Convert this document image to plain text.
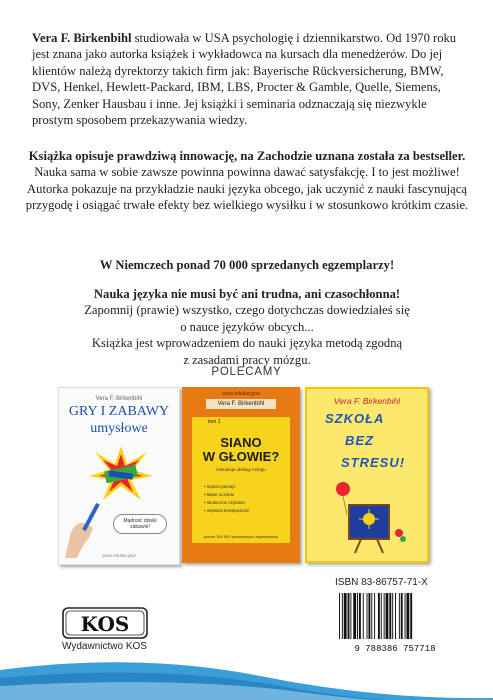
Vera F. Birkenbihl studiowała w USA psychologię i dziennikarstwo. Od 1970 roku jest znana jako autorka książek i wykładowca na kursach dla menedżerów. Do jej klientów należą dyrektorzy takich firm jak: Bayerische Rückversicherung, BMW, DVS, Henkel, Hewlett-Packard, IBM, LBS, Procter & Gamble, Quelle, Siemens, Sony, Zenker Hausbau i inne. Jej książki i seminaria odznaczają się niezwykle prostym sposobem przekazywania wiedzy.

Książka opisuje prawdziwą innowację, na Zachodzie uznana została za bestseller.

Nauka sama w sobie zawsze powinna powinna dawać satysfakcję. I to jest możliwe! Autorka pokazuje na przykładzie nauki języka obcego, jak uczynić z nauki fascynującą przygodę i osiągać trwałe efekty bez wielkiego wysiłku i w stosunkowo krótkim czasie.

W Niemczech ponad 70 000 sprzedanych egzemplarzy!

Nauka języka nie musi być ani trudna, ani czasochłonna!

Zapomnij (prawie) wszystko, czego dotychczas dowiedziałeś się

o nauce języków obcych...

Książka jest wprowadzeniem do nauki języka metodą zgodną

z zasadami pracy mózgu.

POLECAMY
Vera F. Birkenbihl
GRY I ZABAWY
umysłowe
Mądrość dzięki zabawie!
seria edukacyjna
seria edukacyjna
Vera F. Birkenbihl
tom 1
SIANO
W GŁOWIE?
instrukcja obsługi mózgu
• lepsza pamięć
• łatwe uczenie
• skuteczne czytanie
• większa kreatywność
ponad 100 000 sprzedanych egzemplarzy
Vera F. Birkenbihl
SZKOŁA
BEZ
STRESU!
ISBN 83-86757-71-X
9 788386 757718
KOS
Wydawnictwo KOS
